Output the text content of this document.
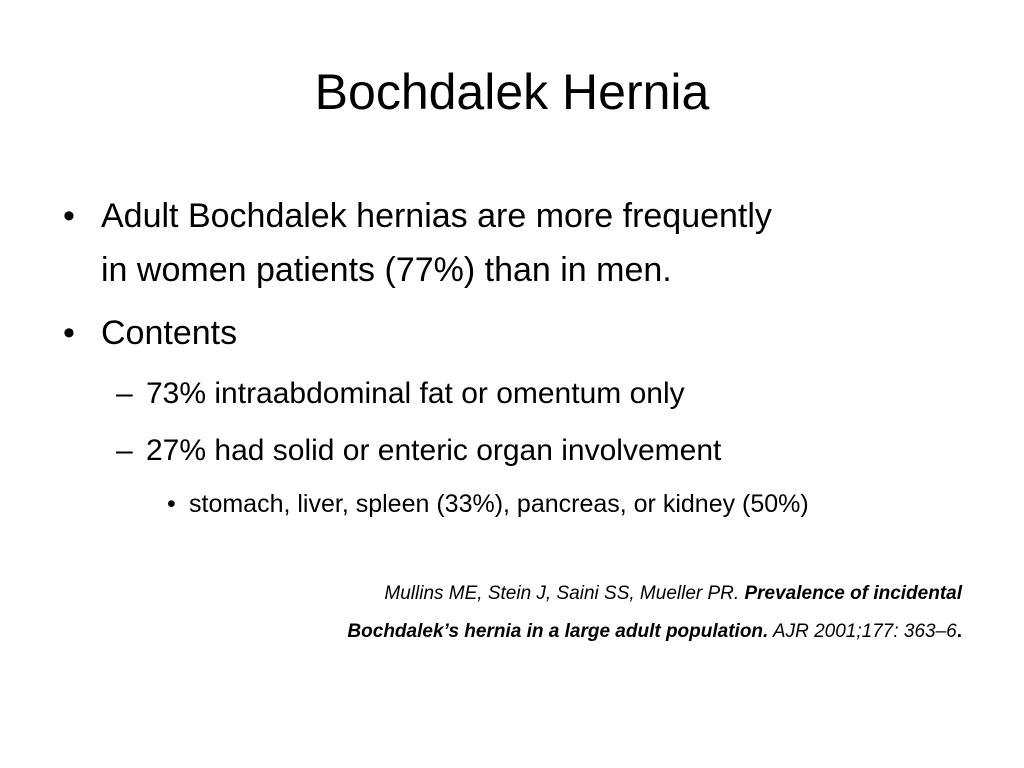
Bochdalek Hernia
• Adult Bochdalek hernias are more frequently
in women patients (77%) than in men.
• Contents
– 73% intraabdominal fat or omentum only
– 27% had solid or enteric organ involvement
• stomach, liver, spleen (33%), pancreas, or kidney (50%)
Mullins ME, Stein J, Saini SS, Mueller PR. Prevalence of incidental
Bochdalek’s hernia in a large adult population. AJR 2001;177: 363–6.
